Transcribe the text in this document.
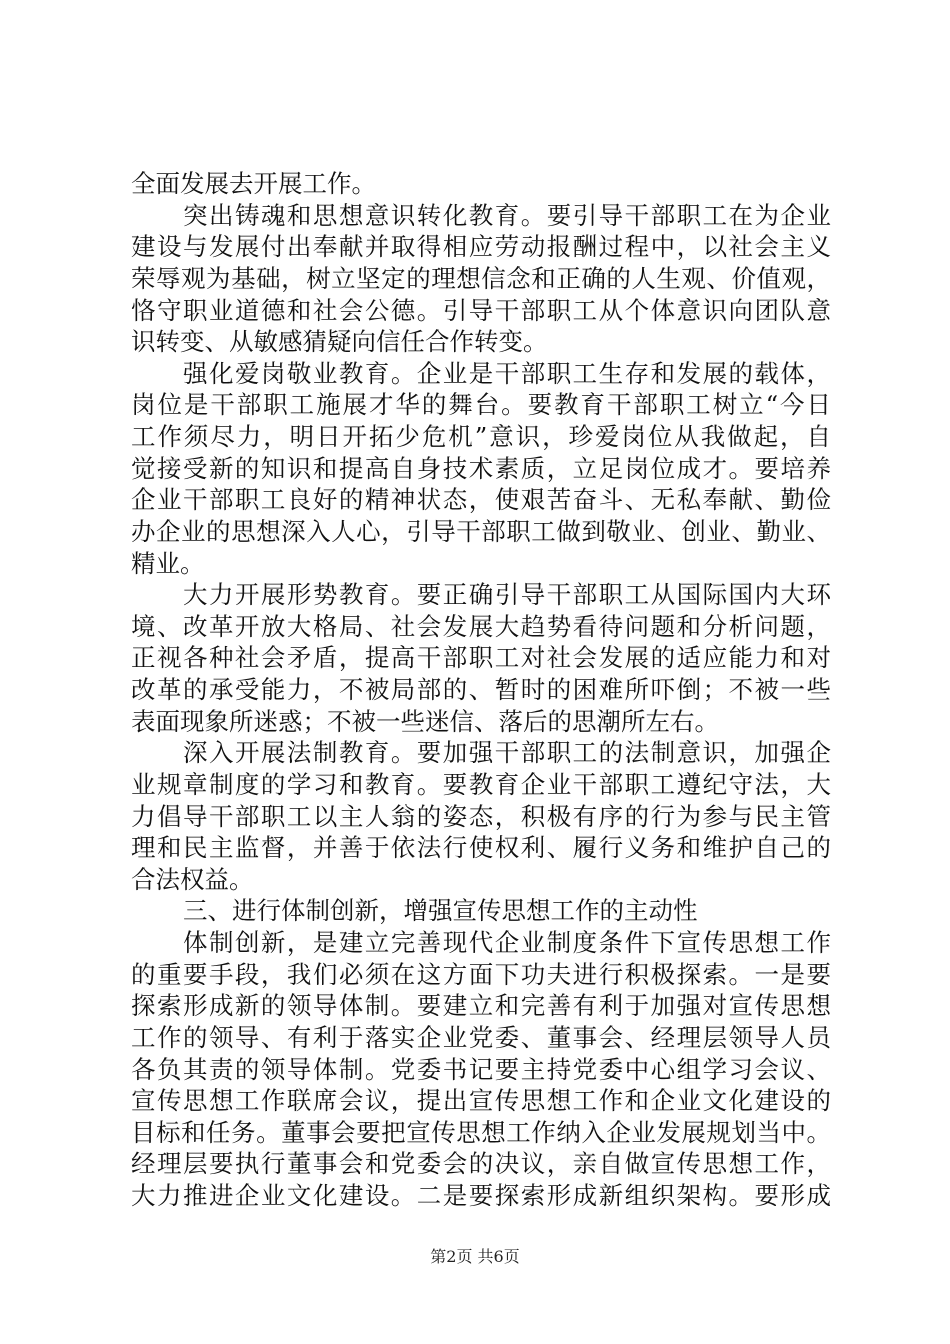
全面发展去开展工作。
突出铸魂和思想意识转化教育。要引导干部职工在为企业
建设与发展付出奉献并取得相应劳动报酬过程中，以社会主义
荣辱观为基础，树立坚定的理想信念和正确的人生观、价值观，
恪守职业道德和社会公德。引导干部职工从个体意识向团队意
识转变、从敏感猜疑向信任合作转变。
强化爱岗敬业教育。企业是干部职工生存和发展的载体，
岗位是干部职工施展才华的舞台。要教育干部职工树立“今日
工作须尽力，明日开拓少危机”意识，珍爱岗位从我做起，自
觉接受新的知识和提高自身技术素质，立足岗位成才。要培养
企业干部职工良好的精神状态，使艰苦奋斗、无私奉献、勤俭
办企业的思想深入人心，引导干部职工做到敬业、创业、勤业、
精业。
大力开展形势教育。要正确引导干部职工从国际国内大环
境、改革开放大格局、社会发展大趋势看待问题和分析问题，
正视各种社会矛盾，提高干部职工对社会发展的适应能力和对
改革的承受能力，不被局部的、暂时的困难所吓倒；不被一些
表面现象所迷惑；不被一些迷信、落后的思潮所左右。
深入开展法制教育。要加强干部职工的法制意识，加强企
业规章制度的学习和教育。要教育企业干部职工遵纪守法，大
力倡导干部职工以主人翁的姿态，积极有序的行为参与民主管
理和民主监督，并善于依法行使权利、履行义务和维护自己的
合法权益。
三、进行体制创新，增强宣传思想工作的主动性
体制创新，是建立完善现代企业制度条件下宣传思想工作
的重要手段，我们必须在这方面下功夫进行积极探索。一是要
探索形成新的领导体制。要建立和完善有利于加强对宣传思想
工作的领导、有利于落实企业党委、董事会、经理层领导人员
各负其责的领导体制。党委书记要主持党委中心组学习会议、
宣传思想工作联席会议，提出宣传思想工作和企业文化建设的
目标和任务。董事会要把宣传思想工作纳入企业发展规划当中。
经理层要执行董事会和党委会的决议，亲自做宣传思想工作，
大力推进企业文化建设。二是要探索形成新组织架构。要形成
第2页 共6页
